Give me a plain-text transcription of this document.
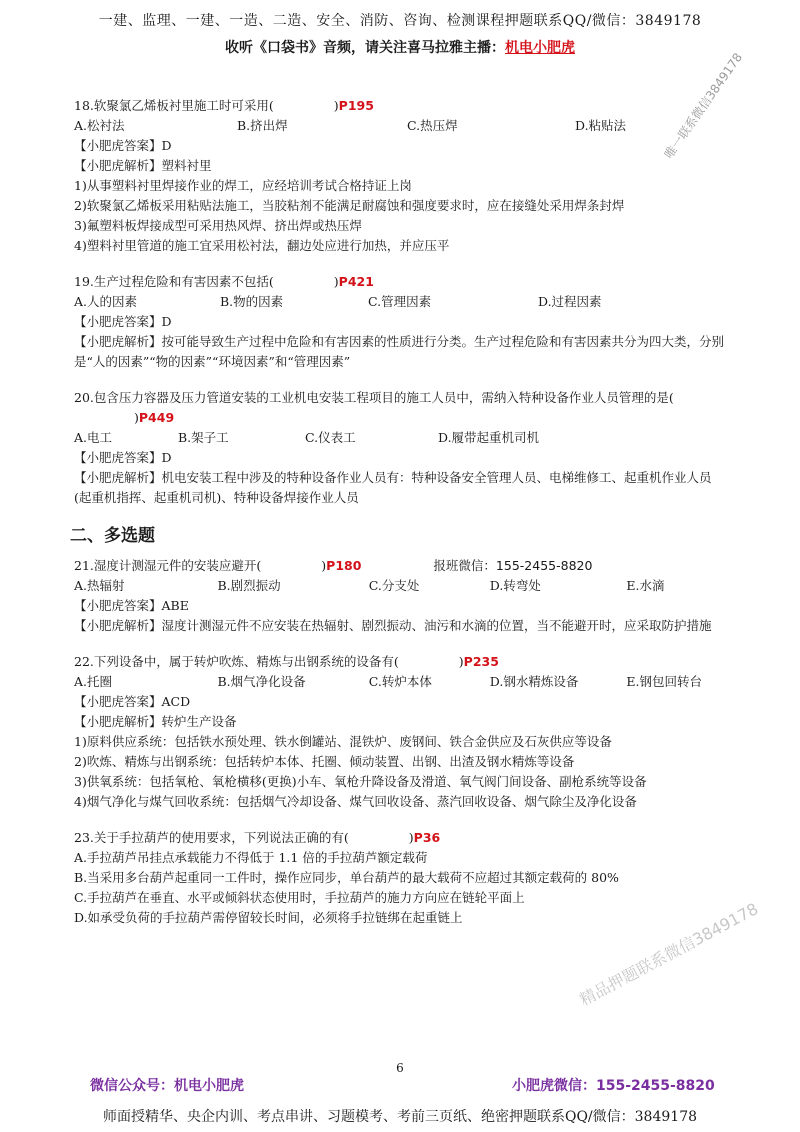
一建、监理、一建、一造、二造、安全、消防、咨询、检测课程押题联系QQ/微信：3849178
收听《口袋书》音频，请关注喜马拉雅主播：机电小肥虎
唯一联系微信3849178
18.软聚氯乙烯板衬里施工时可采用(	)P195
A.松衬法	B.挤出焊	C.热压焊	D.粘贴法
【小肥虎答案】D
【小肥虎解析】塑料衬里
1)从事塑料衬里焊接作业的焊工，应经培训考试合格持证上岗
2)软聚氯乙烯板采用粘贴法施工，当胶粘剂不能满足耐腐蚀和强度要求时，应在接缝处采用焊条封焊
3)氟塑料板焊接成型可采用热风焊、挤出焊或热压焊
4)塑料衬里管道的施工宜采用松衬法，翻边处应进行加热，并应压平
19.生产过程危险和有害因素不包括(	)P421
A.人的因素	B.物的因素	C.管理因素	D.过程因素
【小肥虎答案】D
【小肥虎解析】按可能导致生产过程中危险和有害因素的性质进行分类。生产过程危险和有害因素共分为四大类，分别是“人的因素”“物的因素”“环境因素”和“管理因素”
20.包含压力容器及压力管道安装的工业机电安装工程项目的施工人员中，需纳入特种设备作业人员管理的是()P449
A.电工	B.架子工	C.仪表工	D.履带起重机司机
【小肥虎答案】D
【小肥虎解析】机电安装工程中涉及的特种设备作业人员有：特种设备安全管理人员、电梯维修工、起重机作业人员(起重机指挥、起重机司机)、特种设备焊接作业人员
二、多选题
21.湿度计测湿元件的安装应避开(	)P180	报班微信：155-2455-8820
A.热辐射	B.剧烈振动	C.分支处	D.转弯处	E.水滴
【小肥虎答案】ABE
【小肥虎解析】湿度计测湿元件不应安装在热辐射、剧烈振动、油污和水滴的位置，当不能避开时，应采取防护措施
22.下列设备中，属于转炉吹炼、精炼与出钢系统的设备有(	)P235
A.托圈	B.烟气净化设备	C.转炉本体	D.钢水精炼设备	E.钢包回转台
【小肥虎答案】ACD
【小肥虎解析】转炉生产设备
1)原料供应系统：包括铁水预处理、铁水倒罐站、混铁炉、废钢间、铁合金供应及石灰供应等设备
2)吹炼、精炼与出钢系统：包括转炉本体、托圈、倾动装置、出钢、出渣及钢水精炼等设备
3)供氧系统：包括氧枪、氧枪横移(更换)小车、氧枪升降设备及滑道、氧气阀门间设备、副枪系统等设备
4)烟气净化与煤气回收系统：包括烟气冷却设备、煤气回收设备、蒸汽回收设备、烟气除尘及净化设备
23.关于手拉葫芦的使用要求，下列说法正确的有(	)P36
A.手拉葫芦吊挂点承载能力不得低于 1.1 倍的手拉葫芦额定载荷
B.当采用多台葫芦起重同一工件时，操作应同步，单台葫芦的最大载荷不应超过其额定载荷的 80%
C.手拉葫芦在垂直、水平或倾斜状态使用时，手拉葫芦的施力方向应在链轮平面上
D.如承受负荷的手拉葫芦需停留较长时间，必须将手拉链绑在起重链上	精品押题联系微信3849178
6
微信公众号：机电小肥虎	小肥虎微信：155-2455-8820
师面授精华、央企内训、考点串讲、习题模考、考前三页纸、绝密押题联系QQ/微信：3849178
